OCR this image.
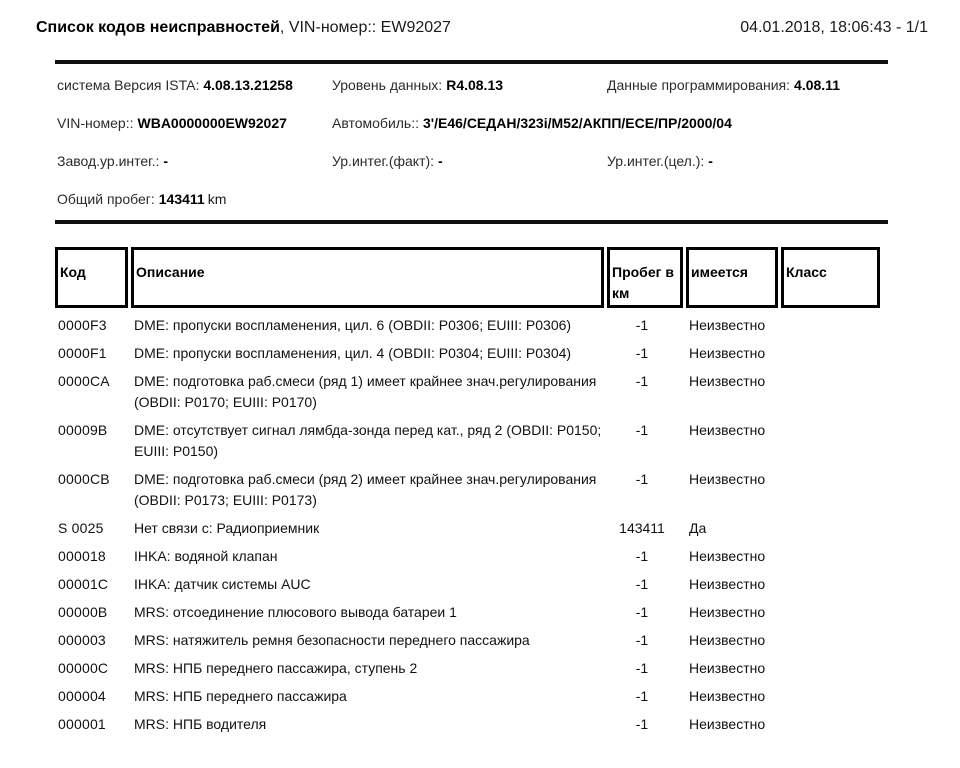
Список кодов неисправностей, VIN-номер:: EW92027	04.01.2018, 18:06:43 - 1/1
система Версия ISTA: 4.08.13.21258	Уровень данных: R4.08.13	Данные программирования: 4.08.11
VIN-номер:: WBA0000000EW92027	Автомобиль:: 3'/E46/СЕДАН/323i/M52/АКПП/ECE/ПР/2000/04
Завод.ур.интег.: -	Ур.интег.(факт): -	Ур.интег.(цел.): -
Общий пробег: 143411 km
Код	Описание	Пробег в км	имеется	Класс
0000F3	DME: пропуски воспламенения, цил. 6 (OBDII: P0306; EUIII: P0306)	-1	Неизвестно	
0000F1	DME: пропуски воспламенения, цил. 4 (OBDII: P0304; EUIII: P0304)	-1	Неизвестно	
0000CA	DME: подготовка раб.смеси (ряд 1) имеет крайнее знач.регулирования (OBDII: P0170; EUIII: P0170)	-1	Неизвестно	
00009B	DME: отсутствует сигнал лямбда-зонда перед кат., ряд 2 (OBDII: P0150; EUIII: P0150)	-1	Неизвестно	
0000CB	DME: подготовка раб.смеси (ряд 2) имеет крайнее знач.регулирования (OBDII: P0173; EUIII: P0173)	-1	Неизвестно	
S 0025	Нет связи с: Радиоприемник	143411	Да	
000018	IHKA: водяной клапан	-1	Неизвестно	
00001C	IHKA: датчик системы AUC	-1	Неизвестно	
00000B	MRS: отсоединение плюсового вывода батареи 1	-1	Неизвестно	
000003	MRS: натяжитель ремня безопасности переднего пассажира	-1	Неизвестно	
00000C	MRS: НПБ переднего пассажира, ступень 2	-1	Неизвестно	
000004	MRS: НПБ переднего пассажира	-1	Неизвестно	
000001	MRS: НПБ водителя	-1	Неизвестно	
